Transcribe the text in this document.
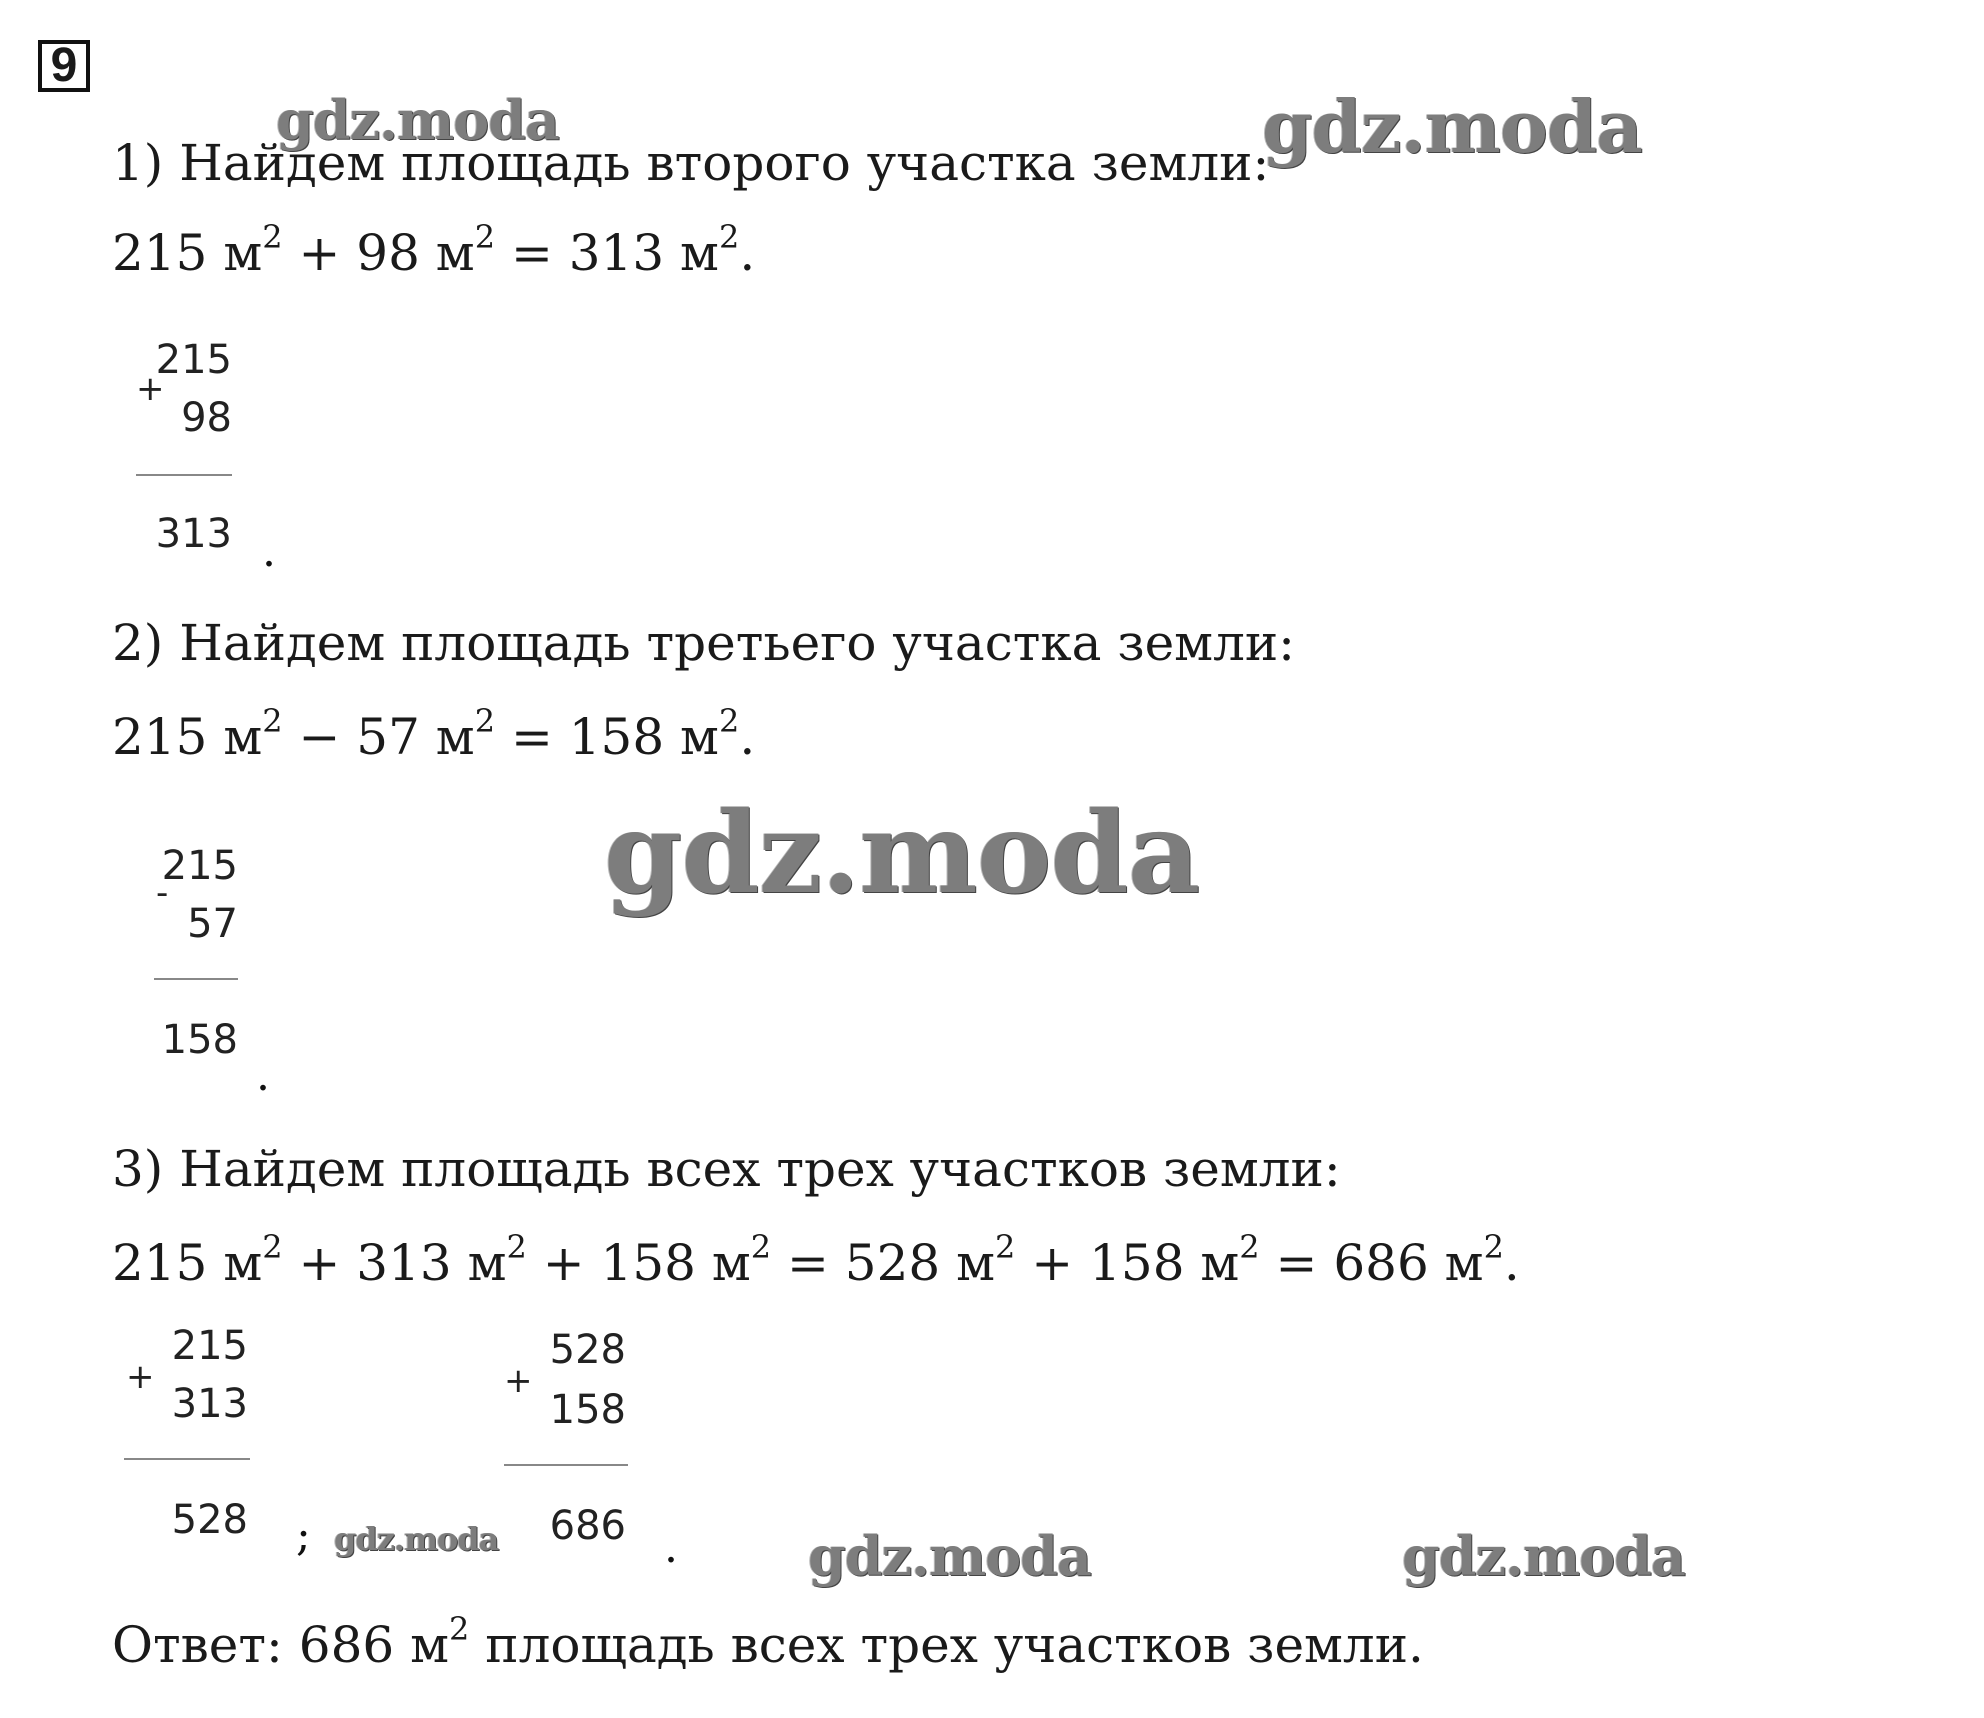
9
1) Найдем площадь второго участка земли:
215 $м^2 + 98$ $м^2 = 313$ $м^2$.
+
215
98
313 .
2) Найдем площадь третьего участка земли:
215 $м^2 - 57$ $м^2 = 158$ $м^2$.
-
215
57
158
.
3) Найдем площадь всех трех участков земли:
215 $м^2 + 313$ $м^2 + 158$ $м^2 = 528$ $м^2 + 158$ $м^2 = 686$ $м^2$.
+
215
313
528 ;
+
528
158
686 .
Ответ: 686 $м^2$ площадь всех трех участков земли.
gdz.moda	gdz.moda
gdz.moda
gdz.moda	gdz.moda	gdz.moda
